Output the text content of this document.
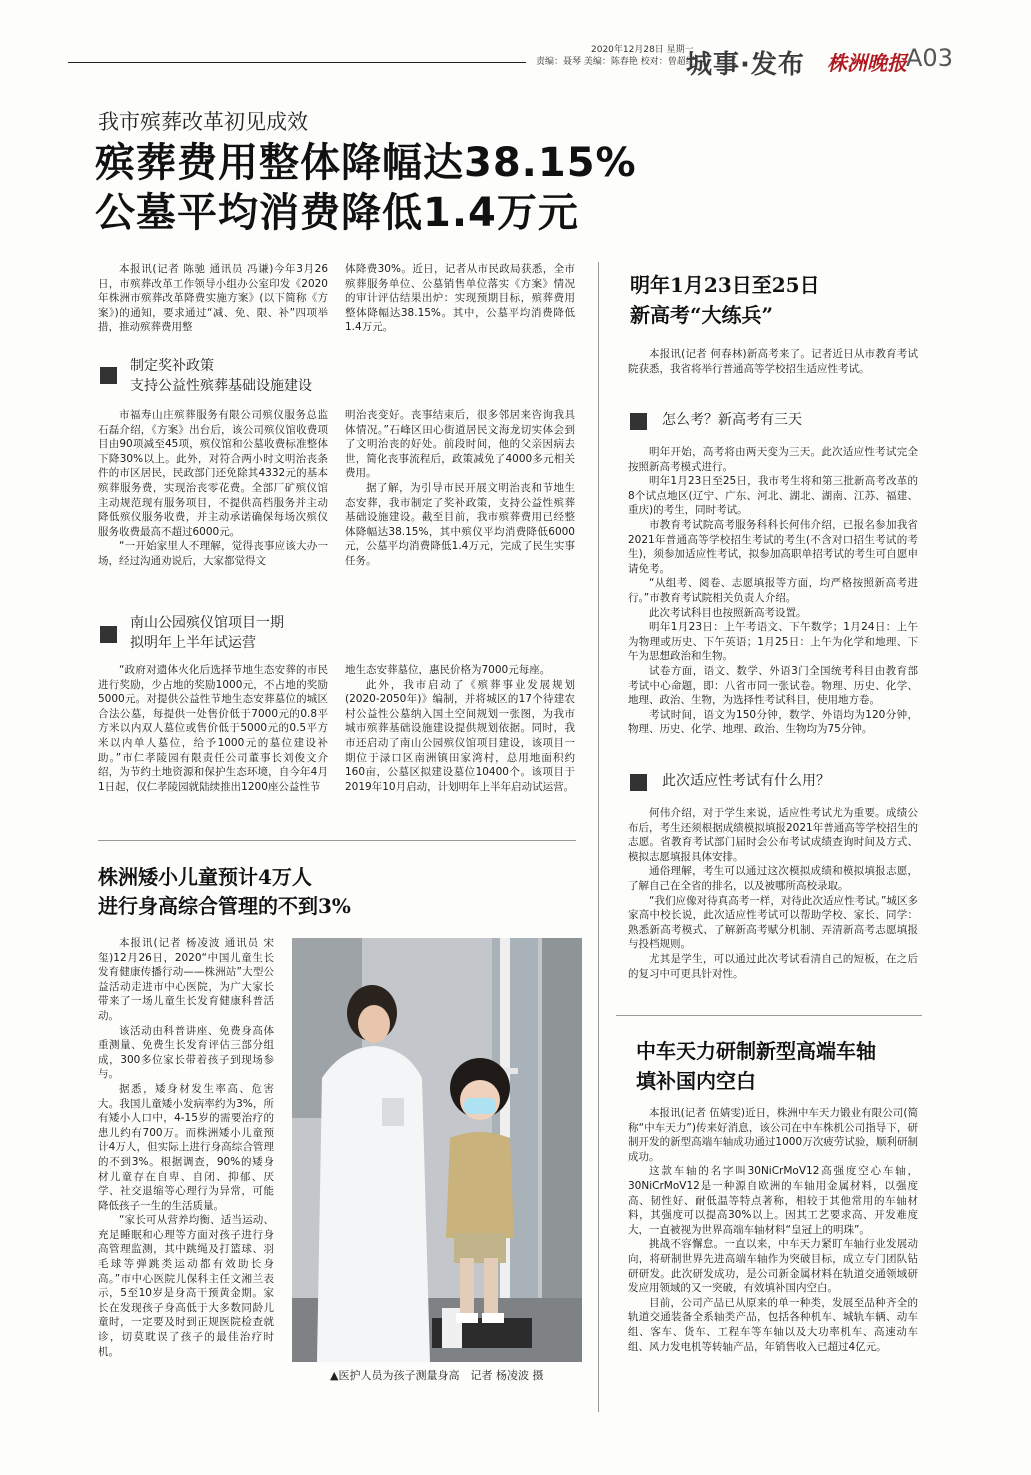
2020年12月28日 星期一
责编：聂琴 美编：陈春艳 校对：曾超红
城事·发布 株洲晚报 A03
我市殡葬改革初见成效
殡葬费用整体降幅达38.15%
公墓平均消费降低1.4万元
本报讯(记者 陈驰 通讯员 冯谦)今年3月26日，市殡葬改革工作领导小组办公室印发《2020年株洲市殡葬改革降费实施方案》(以下简称《方案》)的通知，要求通过“减、免、限、补”四项举措，推动殡葬费用整
体降费30%。近日，记者从市民政局获悉，全市殡葬服务单位、公墓销售单位落实《方案》情况的审计评估结果出炉：实现预期目标，殡葬费用整体降幅达38.15%。其中，公墓平均消费降低1.4万元。
制定奖补政策
支持公益性殡葬基础设施建设

市福寿山庄殡葬服务有限公司殡仪服务总监石磊介绍，《方案》出台后，该公司殡仪馆收费项目由90项减至45项，殡仪馆和公墓收费标准整体下降30%以上。此外，对符合两小时文明治丧条件的市区居民，民政部门还免除其4332元的基本殡葬服务费，实现治丧零花费。全部厂矿殡仪馆主动规范现有服务项目，不提供高档服务并主动降低殡仪服务收费，并主动承诺确保每场次殡仪服务收费最高不超过6000元。

“一开始家里人不理解，觉得丧事应该大办一场，经过沟通劝说后，大家都觉得文

明治丧变好。丧事结束后，很多邻居来咨询我具体情况。”石峰区田心街道居民文海龙切实体会到了文明治丧的好处。前段时间，他的父亲因病去世，简化丧事流程后，政策减免了4000多元相关费用。

据了解，为引导市民开展文明治丧和节地生态安葬，我市制定了奖补政策，支持公益性殡葬基础设施建设。截至目前，我市殡葬费用已经整体降幅达38.15%，其中殡仪平均消费降低6000元，公墓平均消费降低1.4万元，完成了民生实事任务。

南山公园殡仪馆项目一期
拟明年上半年试运营

“政府对遗体火化后选择节地生态安葬的市民进行奖励，少占地的奖励1000元，不占地的奖励5000元。对提供公益性节地生态安葬墓位的城区合法公墓，每提供一处售价低于7000元的0.8平方米以内双人墓位或售价低于5000元的0.5平方米以内单人墓位，给予1000元的墓位建设补助。”市仁孝陵园有限责任公司董事长刘俊文介绍，为节约土地资源和保护生态环境，自今年4月1日起，仅仁孝陵园就陆续推出1200座公益性节

地生态安葬墓位，惠民价格为7000元每座。

此外，我市启动了《殡葬事业发展规划(2020-2050年)》编制，并将城区的17个待建农村公益性公墓纳入国土空间规划一张图，为我市城市殡葬基础设施建设提供规划依据。同时，我市还启动了南山公园殡仪馆项目建设，该项目一期位于渌口区南洲镇田家湾村，总用地面积约160亩，公墓区拟建设墓位10400个。该项目于2019年10月启动，计划明年上半年启动试运营。

明年1月23日至25日
新高考“大练兵”
本报讯(记者 何春林)新高考来了。记者近日从市教育考试院获悉，我省将举行普通高等学校招生适应性考试。
怎么考？新高考有三天

明年开始，高考将由两天变为三天。此次适应性考试完全按照新高考模式进行。

明年1月23日至25日，我市考生将和第三批新高考改革的8个试点地区(辽宁、广东、河北、湖北、湖南、江苏、福建、重庆)的考生，同时考试。

市教育考试院高考服务科科长何伟介绍，已报名参加我省2021年普通高等学校招生考试的考生(不含对口招生考试的考生)，须参加适应性考试，拟参加高职单招考试的考生可自愿申请免考。

“从组考、阅卷、志愿填报等方面，均严格按照新高考进行。”市教育考试院相关负责人介绍。

此次考试科目也按照新高考设置。

明年1月23日：上午考语文、下午数学；1月24日：上午为物理或历史、下午英语；1月25日：上午为化学和地理、下午为思想政治和生物。

试卷方面，语文、数学、外语3门全国统考科目由教育部考试中心命题，即：八省市同一张试卷。物理、历史、化学、地理、政治、生物，为选择性考试科目，使用地方卷。

考试时间，语文为150分钟，数学、外语均为120分钟，物理、历史、化学、地理、政治、生物均为75分钟。

此次适应性考试有什么用？

何伟介绍，对于学生来说，适应性考试尤为重要。成绩公布后，考生还须根据成绩模拟填报2021年普通高等学校招生的志愿。省教育考试部门届时会公布考试成绩查询时间及方式、模拟志愿填报具体安排。

通俗理解，考生可以通过这次模拟成绩和模拟填报志愿，了解自己在全省的排名，以及被哪所高校录取。

“我们应像对待真高考一样，对待此次适应性考试。”城区多家高中校长说，此次适应性考试可以帮助学校、家长、同学：熟悉新高考模式、了解新高考赋分机制、弄清新高考志愿填报与投档规则。

尤其是学生，可以通过此次考试看清自己的短板，在之后的复习中可更具针对性。

株洲矮小儿童预计4万人
进行身高综合管理的不到3%

本报讯(记者 杨凌波 通讯员 宋玺)12月26日，2020“中国儿童生长发育健康传播行动——株洲站”大型公益活动走进市中心医院，为广大家长带来了一场儿童生长发育健康科普活动。

该活动由科普讲座、免费身高体重测量、免费生长发育评估三部分组成，300多位家长带着孩子到现场参与。

据悉，矮身材发生率高、危害大。我国儿童矮小发病率约为3%，所有矮小人口中，4-15岁的需要治疗的患儿约有700万。而株洲矮小儿童预计4万人，但实际上进行身高综合管理的不到3%。根据调查，90%的矮身材儿童存在自卑、自闭、抑郁、厌学、社交退缩等心理行为异常，可能降低孩子一生的生活质量。

“家长可从营养均衡、适当运动、充足睡眠和心理等方面对孩子进行身高管理监测，其中跳绳及打篮球、羽毛球等弹跳类运动都有效助长身高。”市中心医院儿保科主任文湘兰表示，5至10岁是身高干预黄金期。家长在发现孩子身高低于大多数同龄儿童时，一定要及时到正规医院检查就诊，切莫耽误了孩子的最佳治疗时机。

▲医护人员为孩子测量身高　记者 杨凌波 摄
中车天力研制新型高端车轴
填补国内空白

本报讯(记者 伍婧雯)近日，株洲中车天力锻业有限公司(简称“中车天力”)传来好消息，该公司在中车株机公司指导下，研制开发的新型高端车轴成功通过1000万次疲劳试验，顺利研制成功。

这款车轴的名字叫30NiCrMoV12高强度空心车轴，30NiCrMoV12是一种源自欧洲的车轴用金属材料，以强度高、韧性好、耐低温等特点著称，相较于其他常用的车轴材料，其强度可以提高30%以上。因其工艺要求高、开发难度大，一直被视为世界高端车轴材料“皇冠上的明珠”。

挑战不容懈怠。一直以来，中车天力紧盯车轴行业发展动向，将研制世界先进高端车轴作为突破目标，成立专门团队钻研研发。此次研发成功，是公司新金属材料在轨道交通领域研发应用领域的又一突破，有效填补国内空白。

目前，公司产品已从原来的单一种类，发展至品种齐全的轨道交通装备全系轴类产品，包括各种机车、城轨车辆、动车组、客车、货车、工程车等车轴以及大功率机车、高速动车组、风力发电机等转轴产品，年销售收入已超过4亿元。
